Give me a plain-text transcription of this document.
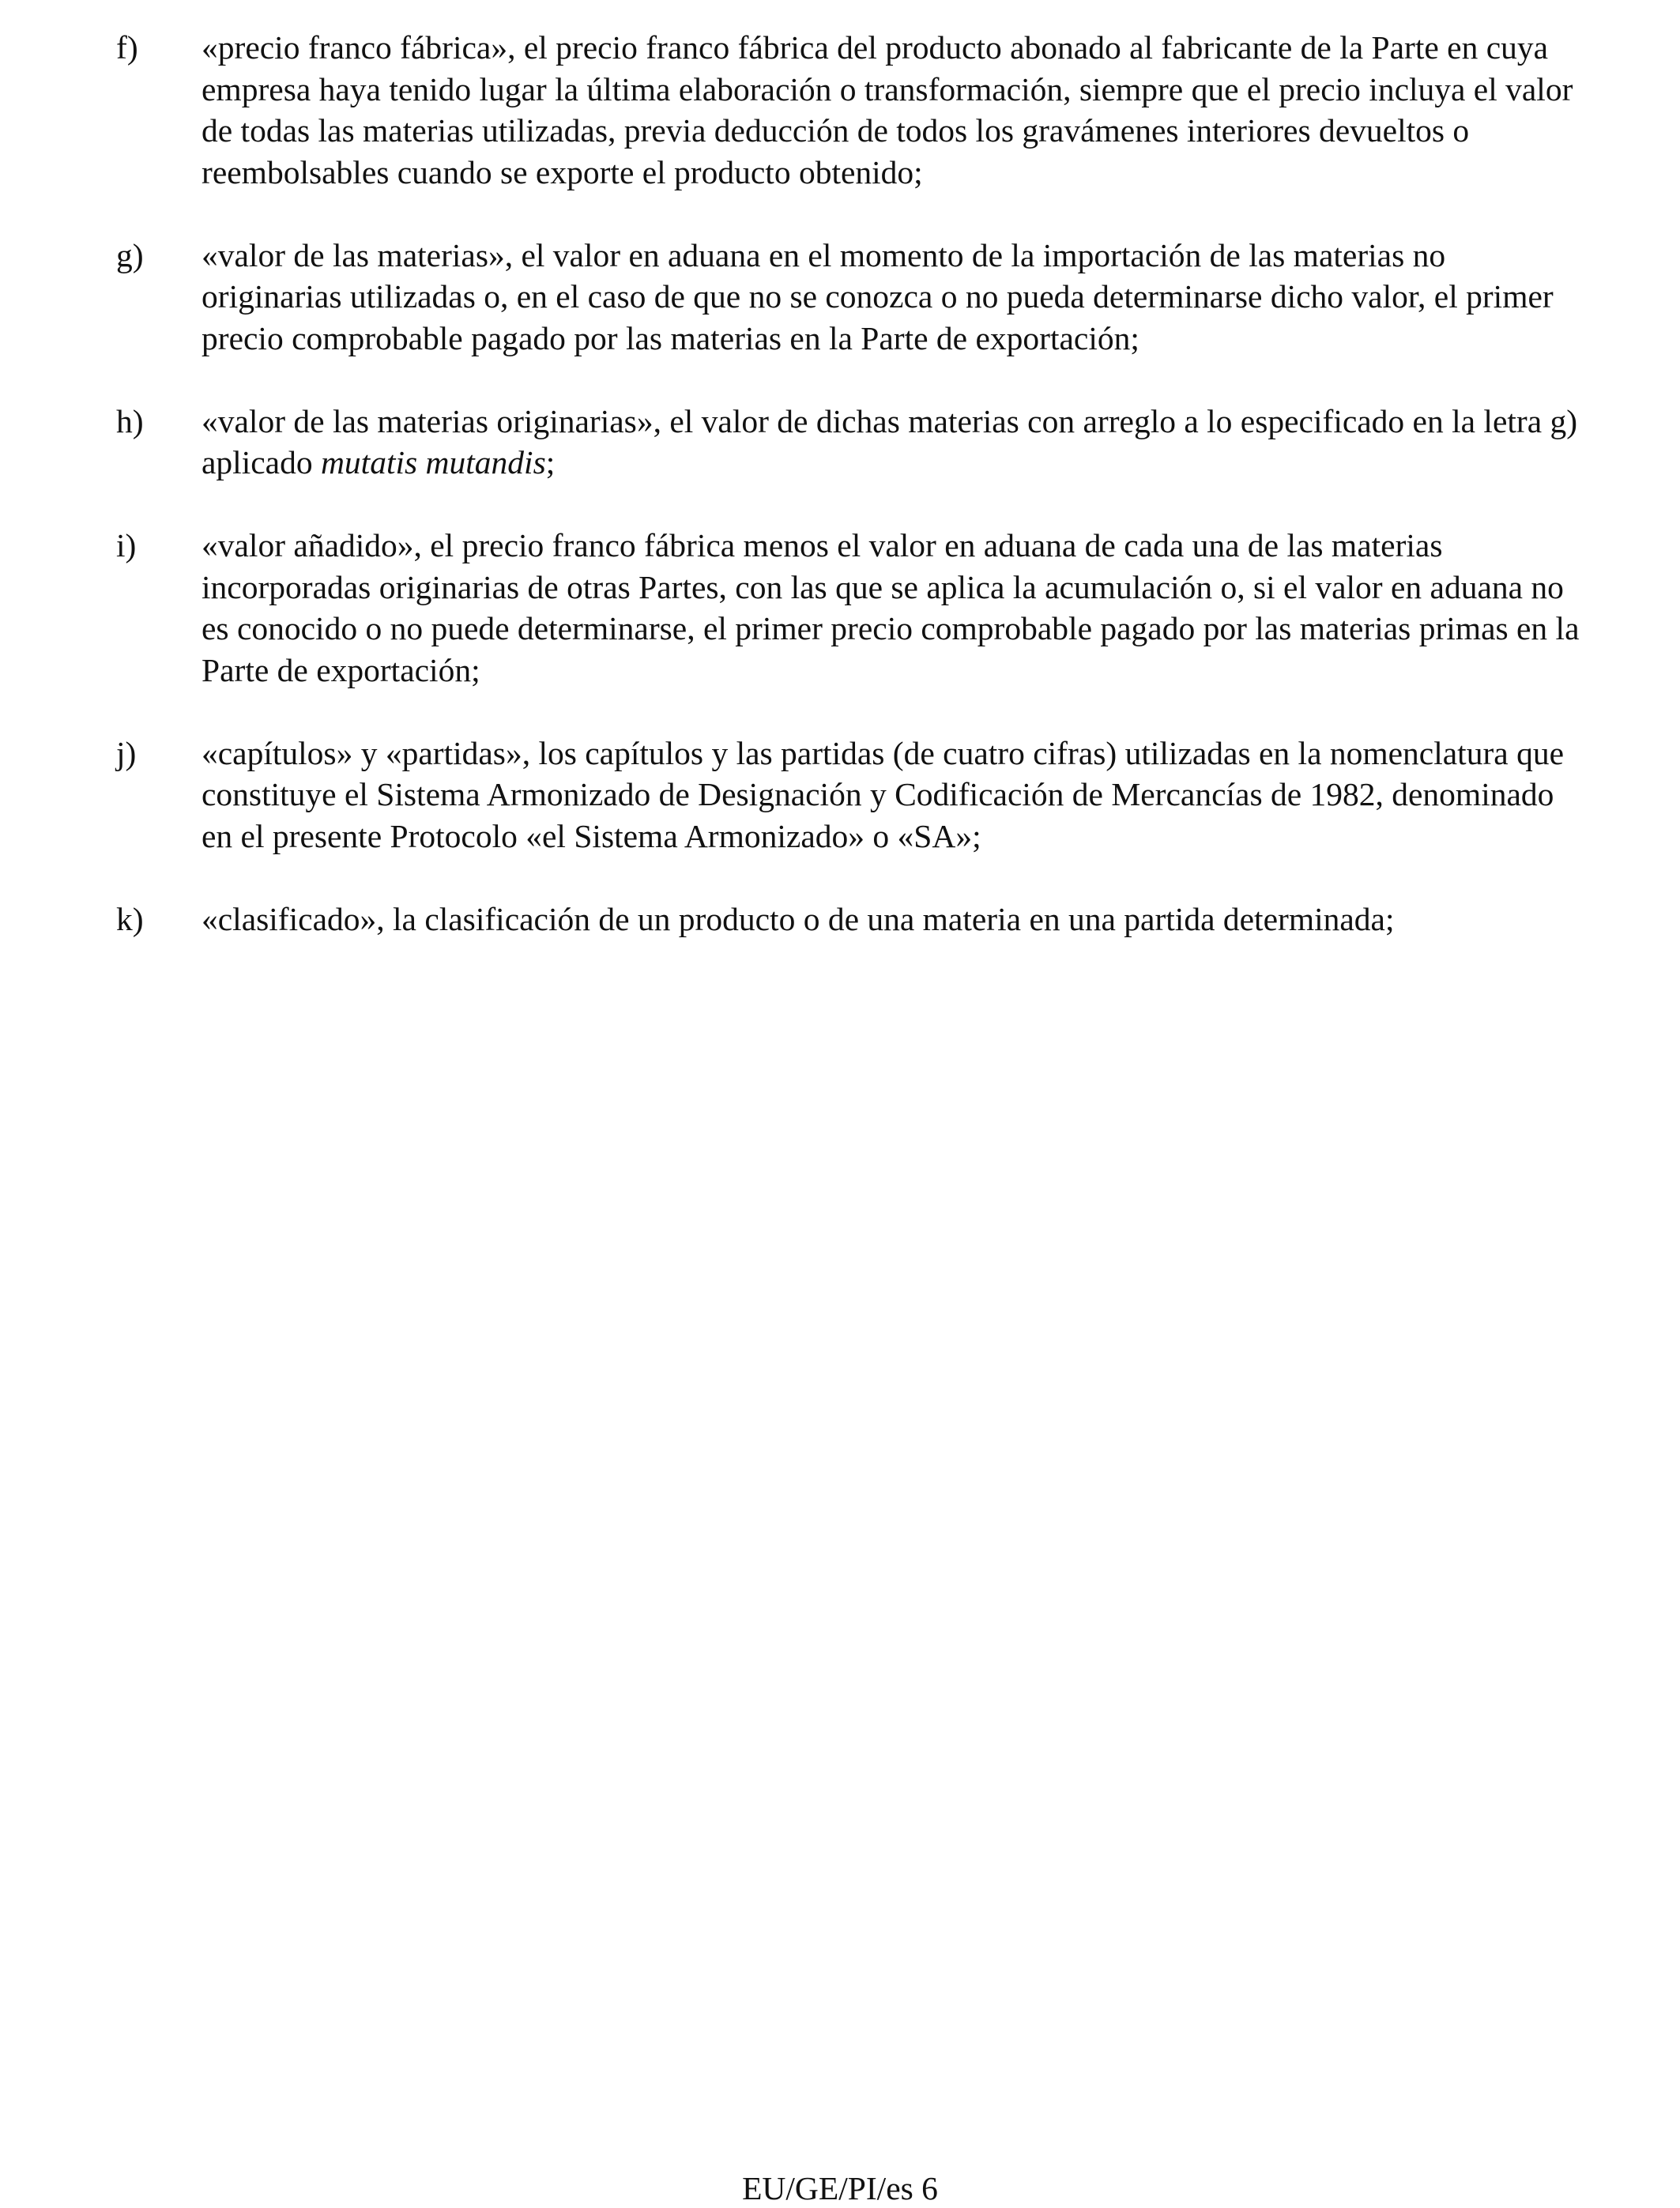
f) «precio franco fábrica», el precio franco fábrica del producto abonado al fabricante de la Parte en cuya empresa haya tenido lugar la última elaboración o transformación, siempre que el precio incluya el valor de todas las materias utilizadas, previa deducción de todos los gravámenes interiores devueltos o reembolsables cuando se exporte el producto obtenido;
g) «valor de las materias», el valor en aduana en el momento de la importación de las materias no originarias utilizadas o, en el caso de que no se conozca o no pueda determinarse dicho valor, el primer precio comprobable pagado por las materias en la Parte de exportación;
h) «valor de las materias originarias», el valor de dichas materias con arreglo a lo especificado en la letra g) aplicado mutatis mutandis;
i) «valor añadido», el precio franco fábrica menos el valor en aduana de cada una de las materias incorporadas originarias de otras Partes, con las que se aplica la acumulación o, si el valor en aduana no es conocido o no puede determinarse, el primer precio comprobable pagado por las materias primas en la Parte de exportación;
j) «capítulos» y «partidas», los capítulos y las partidas (de cuatro cifras) utilizadas en la nomenclatura que constituye el Sistema Armonizado de Designación y Codificación de Mercancías de 1982, denominado en el presente Protocolo «el Sistema Armonizado» o «SA»;
k) «clasificado», la clasificación de un producto o de una materia en una partida determinada;
EU/GE/PI/es 6
